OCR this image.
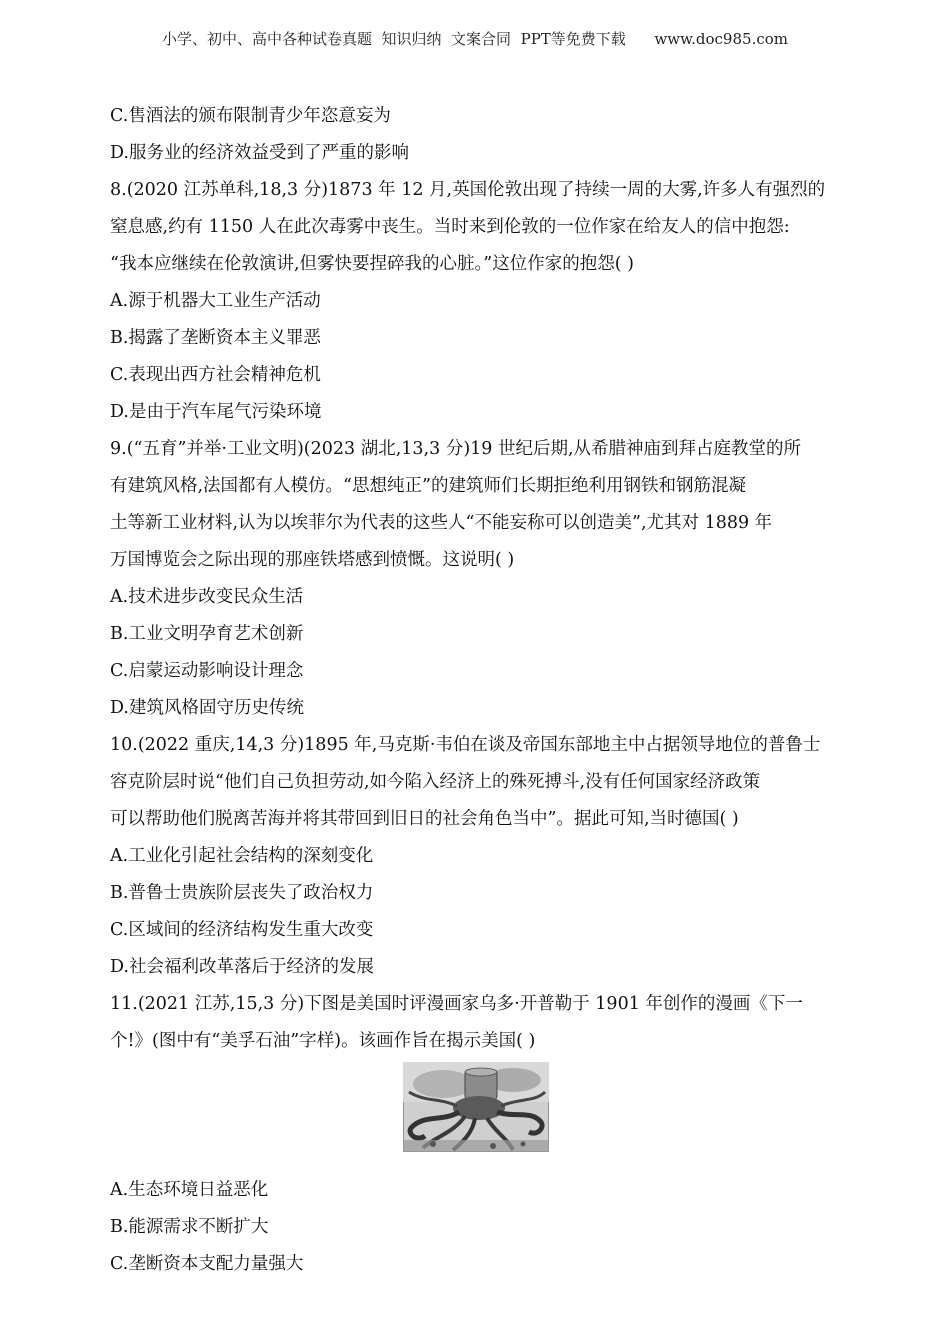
小学、初中、高中各种试卷真题  知识归纳  文案合同  PPT等免费下载      www.doc985.com
C.售酒法的颁布限制青少年恣意妄为
D.服务业的经济效益受到了严重的影响
8.(2020 江苏单科,18,3 分)1873 年 12 月,英国伦敦出现了持续一周的大雾,许多人有强烈的
窒息感,约有 1150 人在此次毒雾中丧生。当时来到伦敦的一位作家在给友人的信中抱怨:
“我本应继续在伦敦演讲,但雾快要捏碎我的心脏。”这位作家的抱怨( )
A.源于机器大工业生产活动
B.揭露了垄断资本主义罪恶
C.表现出西方社会精神危机
D.是由于汽车尾气污染环境
9.(“五育”并举·工业文明)(2023 湖北,13,3 分)19 世纪后期,从希腊神庙到拜占庭教堂的所
有建筑风格,法国都有人模仿。“思想纯正”的建筑师们长期拒绝利用钢铁和钢筋混凝
土等新工业材料,认为以埃菲尔为代表的这些人“不能妄称可以创造美”,尤其对 1889 年
万国博览会之际出现的那座铁塔感到愤慨。这说明( )
A.技术进步改变民众生活
B.工业文明孕育艺术创新
C.启蒙运动影响设计理念
D.建筑风格固守历史传统
10.(2022 重庆,14,3 分)1895 年,马克斯·韦伯在谈及帝国东部地主中占据领导地位的普鲁士
容克阶层时说“他们自己负担劳动,如今陷入经济上的殊死搏斗,没有任何国家经济政策
可以帮助他们脱离苦海并将其带回到旧日的社会角色当中”。据此可知,当时德国( )
A.工业化引起社会结构的深刻变化
B.普鲁士贵族阶层丧失了政治权力
C.区域间的经济结构发生重大改变
D.社会福利改革落后于经济的发展
11.(2021 江苏,15,3 分)下图是美国时评漫画家乌多·开普勒于 1901 年创作的漫画《下一
个!》(图中有“美孚石油”字样)。该画作旨在揭示美国( )
A.生态环境日益恶化
B.能源需求不断扩大
C.垄断资本支配力量强大
